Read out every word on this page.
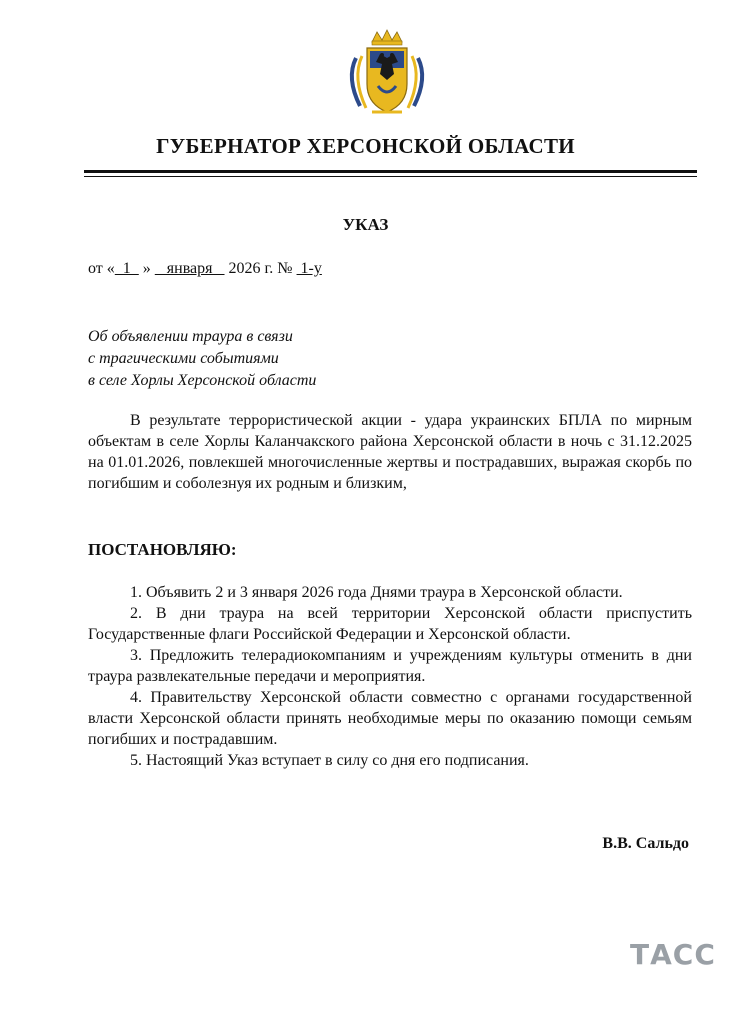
ГУБЕРНАТОР ХЕРСОНСКОЙ ОБЛАСТИ
УКАЗ
от «  1   »    января    2026 г. №  1-у
Об объявлении траура в связи
с трагическими событиями
в селе Хорлы Херсонской области

В результате террористической акции - удара украинских БПЛА по мирным объектам в селе Хорлы Каланчакского района Херсонской области в ночь с 31.12.2025 на 01.01.2026, повлекшей многочисленные жертвы и пострадавших, выражая скорбь по погибшим и соболезнуя их родным и близким,

ПОСТАНОВЛЯЮ:

1. Объявить 2 и 3 января 2026 года Днями траура в Херсонской области.

2. В дни траура на всей территории Херсонской области приспустить Государственные флаги Российской Федерации и Херсонской области.

3. Предложить телерадиокомпаниям и учреждениям культуры отменить в дни траура развлекательные передачи и мероприятия.

4. Правительству Херсонской области совместно с органами государственной власти Херсонской области принять необходимые меры по оказанию помощи семьям погибших и пострадавшим.

5. Настоящий Указ вступает в силу со дня его подписания.

В.В. Сальдо
ТАСС
